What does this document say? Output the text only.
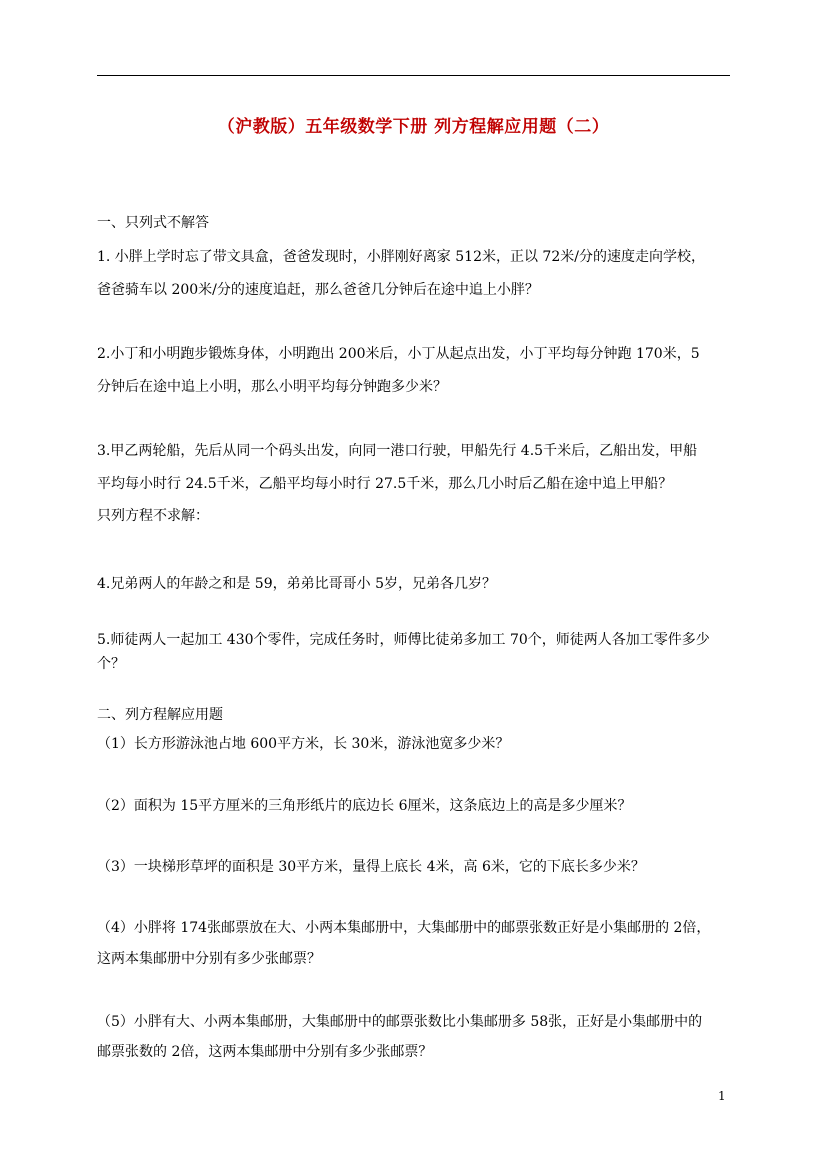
（沪教版）五年级数学下册 列方程解应用题（二）
一、只列式不解答
1. 小胖上学时忘了带文具盒，爸爸发现时，小胖刚好离家 512米，正以 72米/分的速度走向学校，
爸爸骑车以 200米/分的速度追赶，那么爸爸几分钟后在途中追上小胖？
2.小丁和小明跑步锻炼身体，小明跑出 200米后，小丁从起点出发，小丁平均每分钟跑 170米，5
分钟后在途中追上小明，那么小明平均每分钟跑多少米？
3.甲乙两轮船，先后从同一个码头出发，向同一港口行驶，甲船先行 4.5千米后，乙船出发，甲船
平均每小时行 24.5千米，乙船平均每小时行 27.5千米，那么几小时后乙船在途中追上甲船？
只列方程不求解：
4.兄弟两人的年龄之和是 59，弟弟比哥哥小 5岁，兄弟各几岁？
5.师徒两人一起加工 430个零件，完成任务时，师傅比徒弟多加工 70个，师徒两人各加工零件多少
个？
二、列方程解应用题
（1）长方形游泳池占地 600平方米，长 30米，游泳池宽多少米？
（2）面积为 15平方厘米的三角形纸片的底边长 6厘米，这条底边上的高是多少厘米？
（3）一块梯形草坪的面积是 30平方米，量得上底长 4米，高 6米，它的下底长多少米？
（4）小胖将 174张邮票放在大、小两本集邮册中，大集邮册中的邮票张数正好是小集邮册的 2倍，
这两本集邮册中分别有多少张邮票？
（5）小胖有大、小两本集邮册，大集邮册中的邮票张数比小集邮册多 58张，正好是小集邮册中的
邮票张数的 2倍，这两本集邮册中分别有多少张邮票？
1
